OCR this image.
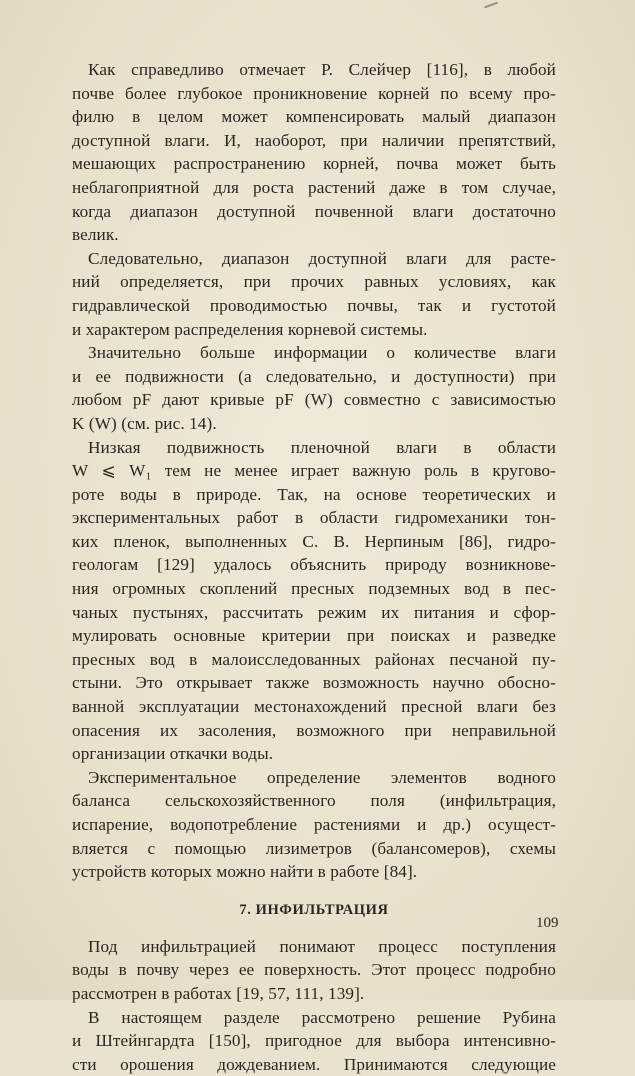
Как справедливо отмечает Р. Слейчер [116], в любой
почве более глубокое проникновение корней по всему про-
филю в целом может компенсировать малый диапазон
доступной влаги. И, наоборот, при наличии препятствий,
мешающих распространению корней, почва может быть
неблагоприятной для роста растений даже в том случае,
когда диапазон доступной почвенной влаги достаточно
велик.
Следовательно, диапазон доступной влаги для расте-
ний определяется, при прочих равных условиях, как
гидравлической проводимостью почвы, так и густотой
и характером распределения корневой системы.
Значительно больше информации о количестве влаги
и ее подвижности (а следовательно, и доступности) при
любом pF дают кривые pF (W) совместно с зависимостью
K (W) (см. рис. 14).
Низкая подвижность пленочной влаги в области
W ⩽ W₁ тем не менее играет важную роль в кругово-
роте воды в природе. Так, на основе теоретических и
экспериментальных работ в области гидромеханики тон-
ких пленок, выполненных С. В. Нерпиным [86], гидро-
геологам [129] удалось объяснить природу возникнове-
ния огромных скоплений пресных подземных вод в пес-
чаных пустынях, рассчитать режим их питания и сфор-
мулировать основные критерии при поисках и разведке
пресных вод в малоисследованных районах песчаной пу-
стыни. Это открывает также возможность научно обосно-
ванной эксплуатации местонахождений пресной влаги без
опасения их засоления, возможного при неправильной
организации откачки воды.
Экспериментальное определение элементов водного
баланса сельскохозяйственного поля (инфильтрация,
испарение, водопотребление растениями и др.) осущест-
вляется с помощью лизиметров (балансомеров), схемы
устройств которых можно найти в работе [84].
7. ИНФИЛЬТРАЦИЯ
Под инфильтрацией понимают процесс поступления
воды в почву через ее поверхность. Этот процесс подробно
рассмотрен в работах [19, 57, 111, 139].
В настоящем разделе рассмотрено решение Рубина
и Штейнгардта [150], пригодное для выбора интенсивно-
сти орошения дождеванием. Принимаются следующие
109
